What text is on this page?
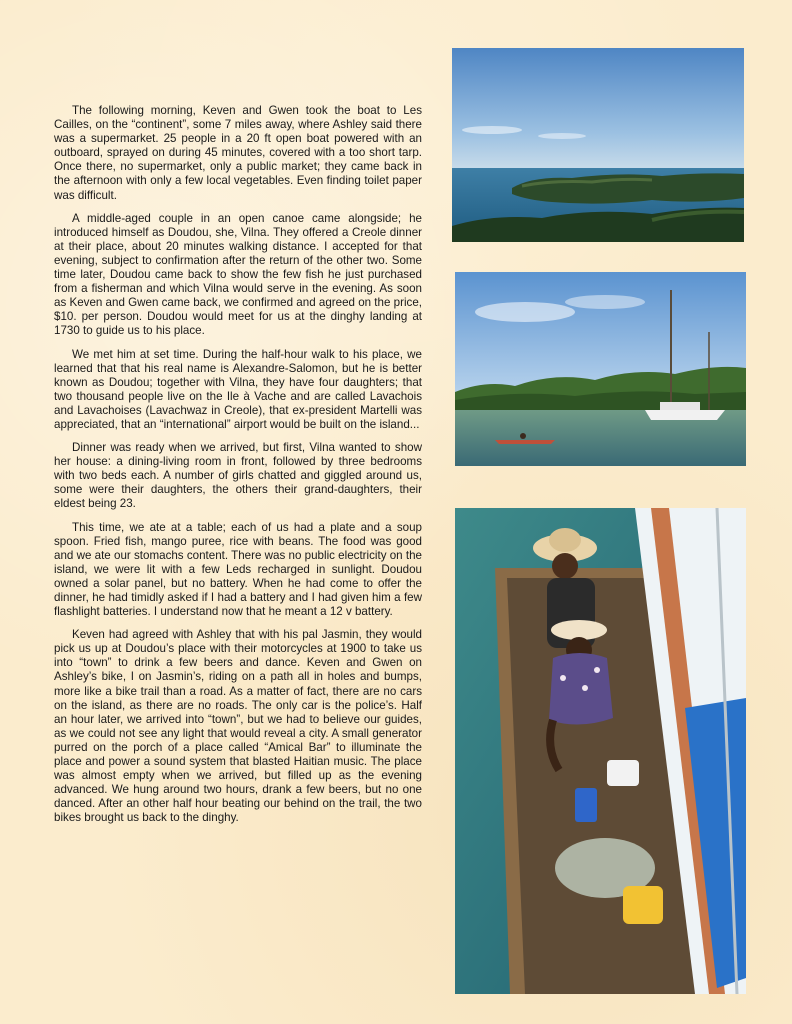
The following morning, Keven and Gwen took the boat to Les Cailles, on the “continent”, some 7 miles away, where Ashley said there was a supermarket. 25 people in a 20 ft open boat powered with an outboard, sprayed on during 45 minutes, covered with a too short tarp. Once there, no supermarket, only a public market; they came back in the afternoon with only a few local vegetables. Even finding toilet paper was difficult.

A middle-aged couple in an open canoe came alongside; he introduced himself as Doudou, she, Vilna. They offered a Creole dinner at their place, about 20 minutes walking distance. I accepted for that evening, subject to confirmation after the return of the other two. Some time later, Doudou came back to show the few fish he just purchased from a fisherman and which Vilna would serve in the evening. As soon as Keven and Gwen came back, we confirmed and agreed on the price, $10. per person. Doudou would meet for us at the dinghy landing at 1730 to guide us to his place.

We met him at set time. During the half-hour walk to his place, we learned that that his real name is Alexandre-Salomon, but he is better known as Doudou; together with Vilna, they have four daughters; that two thousand people live on the Ile à Vache and are called Lavachois and Lavachoises (Lavachwaz in Creole), that ex-president Martelli was appreciated, that an “international” airport would be built on the island...

Dinner was ready when we arrived, but first, Vilna wanted to show her house: a dining-living room in front, followed by three bedrooms with two beds each. A number of girls chatted and giggled around us, some were their daughters, the others their grand-daughters, their eldest being 23.

This time, we ate at a table; each of us had a plate and a soup spoon. Fried fish, mango puree, rice with beans. The food was good and we ate our stomachs content. There was no public electricity on the island, we were lit with a few Leds recharged in sunlight. Doudou owned a solar panel, but no battery. When he had come to offer the dinner, he had timidly asked if I had a battery and I had given him a few flashlight batteries. I understand now that he meant a 12 v battery.

Keven had agreed with Ashley that with his pal Jasmin, they would pick us up at Doudou’s place with their motorcycles at 1900 to take us into “town” to drink a few beers and dance. Keven and Gwen on Ashley’s bike, I on Jasmin’s, riding on a path all in holes and bumps, more like a bike trail than a road. As a matter of fact, there are no cars on the island, as there are no roads. The only car is the police’s. Half an hour later, we arrived into “town”, but we had to believe our guides, as we could not see any light that would reveal a city. A small generator purred on the porch of a place called “Amical Bar” to illuminate the place and power a sound system that blasted Haitian music. The place was almost empty when we arrived, but filled up as the evening advanced. We hung around two hours, drank a few beers, but no one danced. After an other half hour beating our behind on the trail, the two bikes brought us back to the dinghy.
